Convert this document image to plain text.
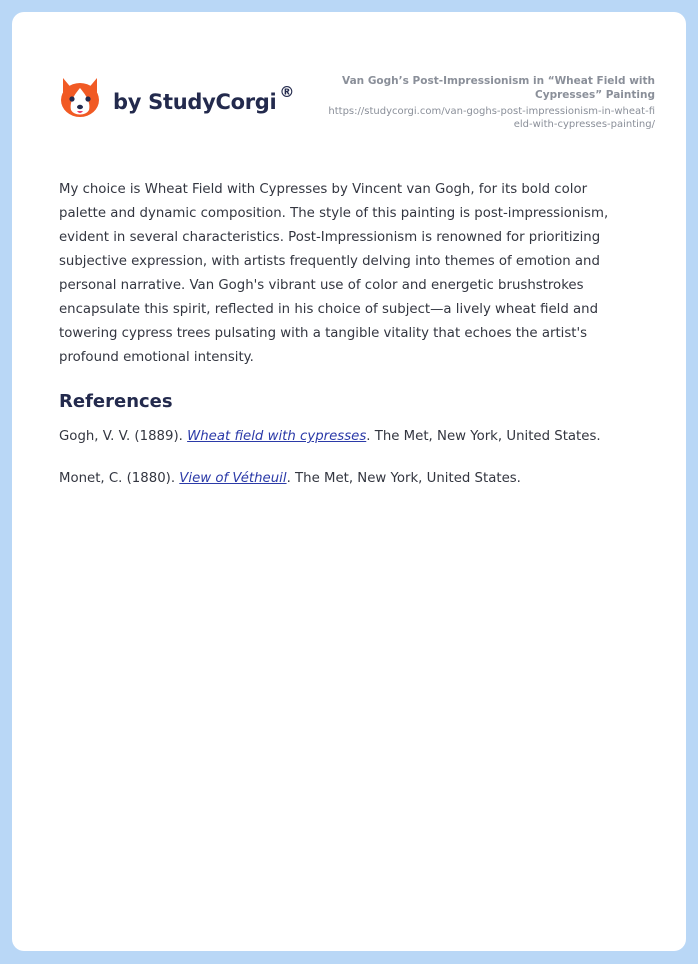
by StudyCorgi ®
Van Gogh’s Post-Impressionism in “Wheat Field with Cypresses” Painting
https://studycorgi.com/van-goghs-post-impressionism-in-wheat-field-with-cypresses-painting/

My choice is Wheat Field with Cypresses by Vincent van Gogh, for its bold color palette and dynamic composition. The style of this painting is post-impressionism, evident in several characteristics. Post-Impressionism is renowned for prioritizing subjective expression, with artists frequently delving into themes of emotion and personal narrative. Van Gogh's vibrant use of color and energetic brushstrokes encapsulate this spirit, reflected in his choice of subject—a lively wheat field and towering cypress trees pulsating with a tangible vitality that echoes the artist's profound emotional intensity.

References

Gogh, V. V. (1889). Wheat field with cypresses. The Met, New York, United States.

Monet, C. (1880). View of Vétheuil. The Met, New York, United States.
